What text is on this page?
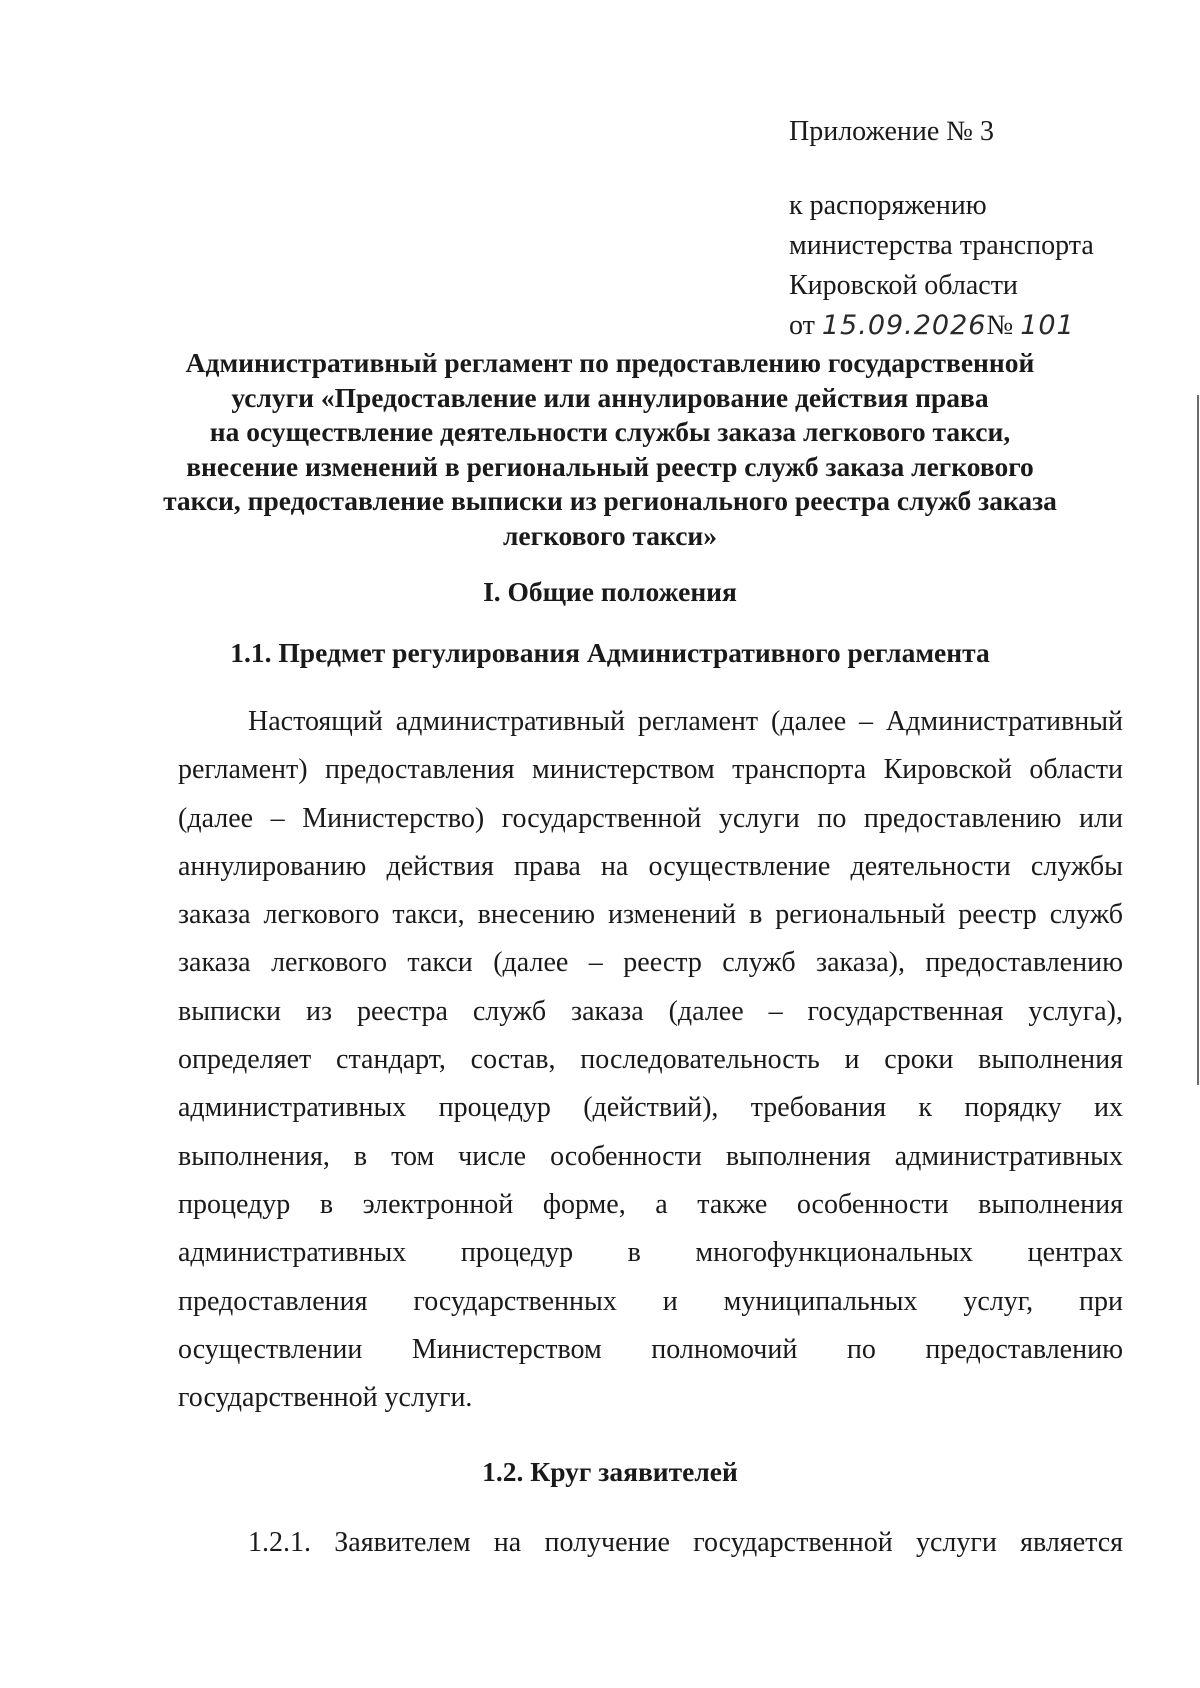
Приложение № 3
к распоряжению
министерства транспорта
Кировской области
от 15.09.2026№ 101
Административный регламент по предоставлению государственной
услуги «Предоставление или аннулирование действия права
на осуществление деятельности службы заказа легкового такси,
внесение изменений в региональный реестр служб заказа легкового
такси, предоставление выписки из регионального реестра служб заказа
легкового такси»
I. Общие положения
1.1. Предмет регулирования Административного регламента
Настоящий административный регламент (далее – Административный
регламент) предоставления министерством транспорта Кировской области
(далее – Министерство) государственной услуги по предоставлению или
аннулированию действия права на осуществление деятельности службы
заказа легкового такси, внесению изменений в региональный реестр служб
заказа легкового такси (далее – реестр служб заказа), предоставлению
выписки из реестра служб заказа (далее – государственная услуга),
определяет стандарт, состав, последовательность и сроки выполнения
административных процедур (действий), требования к порядку их
выполнения, в том числе особенности выполнения административных
процедур в электронной форме, а также особенности выполнения
административных процедур в многофункциональных центрах
предоставления государственных и муниципальных услуг, при
осуществлении Министерством полномочий по предоставлению
государственной услуги.
1.2. Круг заявителей
1.2.1. Заявителем на получение государственной услуги является
